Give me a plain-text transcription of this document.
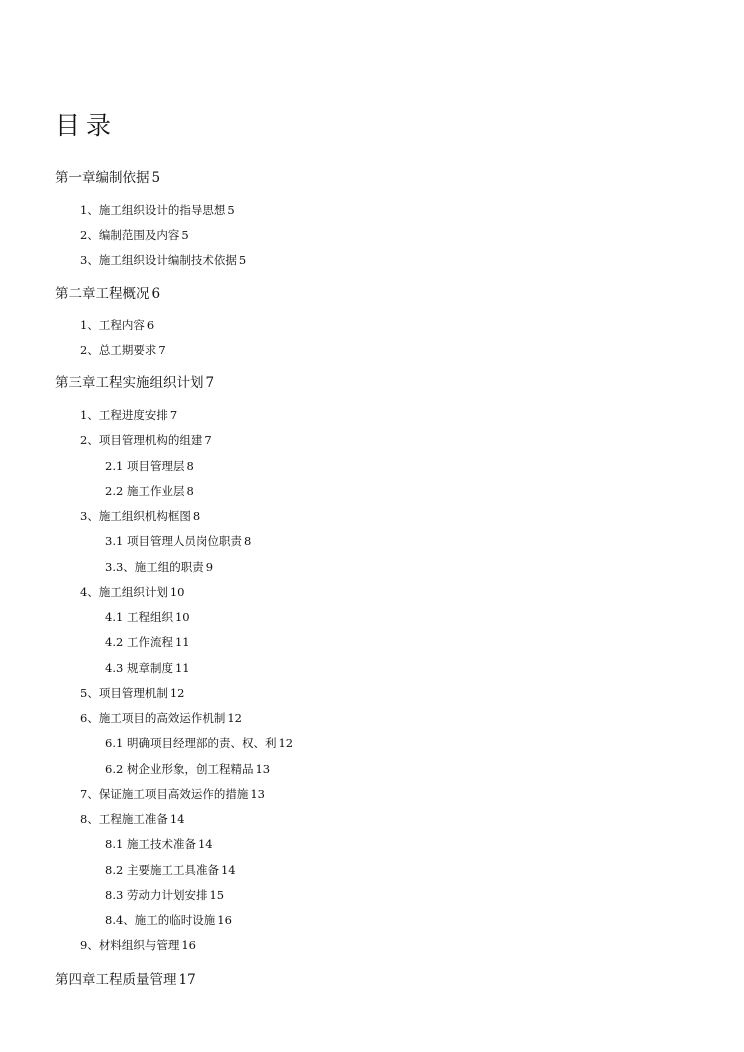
目录
第一章编制依据 5
1、施工组织设计的指导思想 5
2、编制范围及内容 5
3、施工组织设计编制技术依据 5
第二章工程概况 6
1、工程内容 6
2、总工期要求 7
第三章工程实施组织计划 7
1、工程进度安排 7
2、项目管理机构的组建 7
2.1 项目管理层 8
2.2 施工作业层 8
3、施工组织机构框图 8
3.1 项目管理人员岗位职责 8
3.3、施工组的职责 9
4、施工组织计划 10
4.1 工程组织 10
4.2 工作流程 11
4.3 规章制度 11
5、项目管理机制 12
6、施工项目的高效运作机制 12
6.1 明确项目经理部的责、权、利 12
6.2 树企业形象，创工程精品 13
7、保证施工项目高效运作的措施 13
8、工程施工准备 14
8.1 施工技术准备 14
8.2 主要施工工具准备 14
8.3 劳动力计划安排 15
8.4、施工的临时设施 16
9、材料组织与管理 16
第四章工程质量管理 17
